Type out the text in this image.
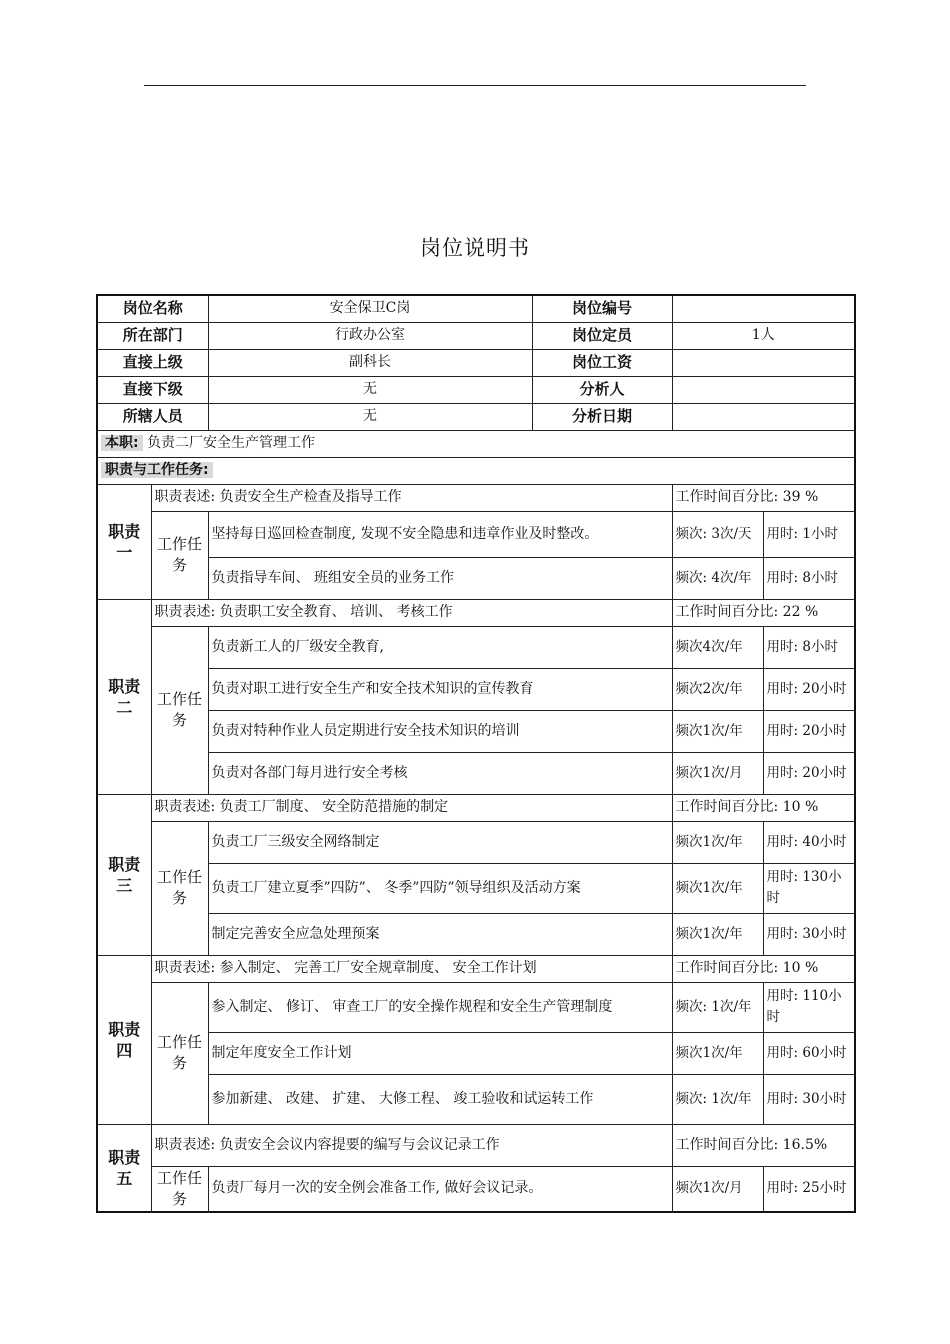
岗位说明书
岗位名称		安全保卫C岗	岗位编号		
所在部门		行政办公室	岗位定员	1人	
直接上级		副科长	岗位工资		
直接下级		无	分析人		
所辖人员		无	分析日期		
本职: 负责二厂安全生产管理工作					
职责与工作任务:					
职责一	职责表述: 负责安全生产检查及指导工作			工作时间百分比: 39 %	
	工作任务	坚持每日巡回检查制度, 发现不安全隐患和违章作业及时整改。		频次: 3次/天	用时: 1小时
		负责指导车间、 班组安全员的业务工作		频次: 4次/年	用时: 8小时
职责二	职责表述: 负责职工安全教育、 培训、 考核工作			工作时间百分比: 22 %	
	工作任务	负责新工人的厂级安全教育,		频次4次/年	用时: 8小时
		负责对职工进行安全生产和安全技术知识的宣传教育		频次2次/年	用时: 20小时
		负责对特种作业人员定期进行安全技术知识的培训		频次1次/年	用时: 20小时
		负责对各部门每月进行安全考核		频次1次/月	用时: 20小时
职责三	职责表述: 负责工厂制度、 安全防范措施的制定			工作时间百分比: 10 %	
	工作任务	负责工厂三级安全网络制定		频次1次/年	用时: 40小时
		负责工厂建立夏季”四防”、 冬季”四防”领导组织及活动方案		频次1次/年	用时: 130小时
		制定完善安全应急处理预案		频次1次/年	用时: 30小时
职责四	职责表述: 参入制定、 完善工厂安全规章制度、 安全工作计划			工作时间百分比: 10 %	
	工作任务	参入制定、 修订、 审查工厂的安全操作规程和安全生产管理制度		频次: 1次/年	用时: 110小时
		制定年度安全工作计划		频次1次/年	用时: 60小时
		参加新建、 改建、 扩建、 大修工程、 竣工验收和试运转工作		频次: 1次/年	用时: 30小时
职责五	职责表述: 负责安全会议内容提要的编写与会议记录工作			工作时间百分比: 16.5%	
	工作任务	负责厂每月一次的安全例会准备工作, 做好会议记录。		频次1次/月	用时: 25小时
